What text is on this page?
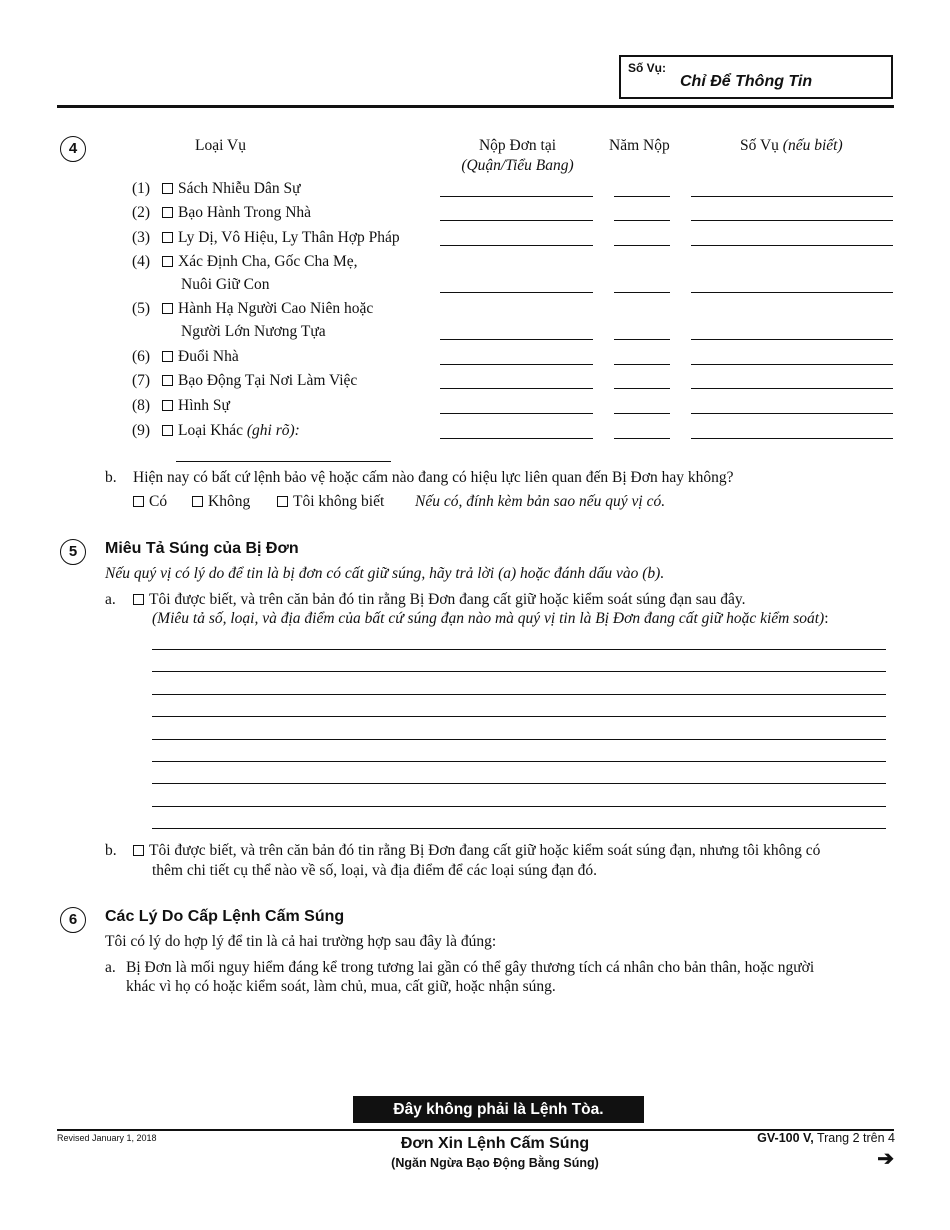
Số Vụ:
Chỉ Để Thông Tin
4	Loại Vụ	Nộp Đơn tại
(Quận/Tiểu Bang)
Năm Nộp	Số Vụ (nếu biết)
(1)	Sách Nhiễu Dân Sự
(2)	Bạo Hành Trong Nhà
(3)	Ly Dị, Vô Hiệu, Ly Thân Hợp Pháp
(4)	Xác Định Cha, Gốc Cha Mẹ,
Nuôi Giữ Con
(5)	Hành Hạ Người Cao Niên hoặc
Người Lớn Nương Tựa
(6)	Đuổi Nhà
(7)	Bạo Động Tại Nơi Làm Việc
(8)	Hình Sự
(9)	Loại Khác (ghi rõ):
b. Hiện nay có bất cứ lệnh bảo vệ hoặc cấm nào đang có hiệu lực liên quan đến Bị Đơn hay không?
Có	Không	Tôi không biết Nếu có, đính kèm bản sao nếu quý vị có.
5	Miêu Tả Súng của Bị Đơn
Nếu quý vị có lý do để tin là bị đơn có cất giữ súng, hãy trả lời (a) hoặc đánh dấu vào (b).
a.	Tôi được biết, và trên căn bản đó tin rằng Bị Đơn đang cất giữ hoặc kiểm soát súng đạn sau đây.
(Miêu tả số, loại, và địa điểm của bất cứ súng đạn nào mà quý vị tin là Bị Đơn đang cất giữ hoặc kiểm soát):
b.	Tôi được biết, và trên căn bản đó tin rằng Bị Đơn đang cất giữ hoặc kiểm soát súng đạn, nhưng tôi không có
thêm chi tiết cụ thể nào về số, loại, và địa điểm để các loại súng đạn đó.
6	Các Lý Do Cấp Lệnh Cấm Súng
Tôi có lý do hợp lý để tin là cả hai trường hợp sau đây là đúng:
a. Bị Đơn là mối nguy hiểm đáng kể trong tương lai gần có thể gây thương tích cá nhân cho bản thân, hoặc người
khác vì họ có hoặc kiểm soát, làm chủ, mua, cất giữ, hoặc nhận súng.
Đây không phải là Lệnh Tòa.
Revised January 1, 2018	Đơn Xin Lệnh Cấm Súng
(Ngăn Ngừa Bạo Động Bằng Súng)
GV-100 V, Trang 2 trên 4
➔
